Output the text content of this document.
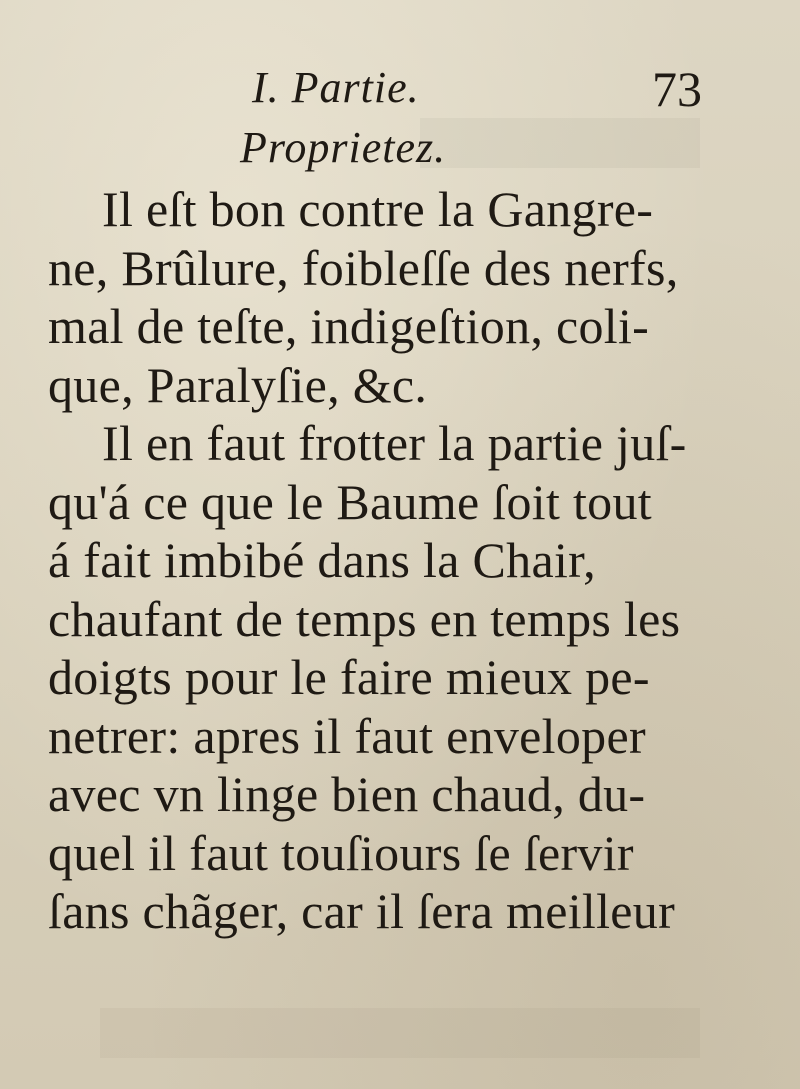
I. Partie.	73
Proprietez.
Il eſt bon contre la Gangre-
ne, Brûlure, foibleſſe des nerfs,
mal de teſte, indigeſtion, coli-
que, Paralyſie, &c.
Il en faut frotter la partie juſ-
qu'á ce que le Baume ſoit tout
á fait imbibé dans la Chair,
chaufant de temps en temps les
doigts pour le faire mieux pe-
netrer: apres il faut enveloper
avec vn linge bien chaud, du-
quel il faut touſiours ſe ſervir
ſans chãger, car il ſera meilleur
